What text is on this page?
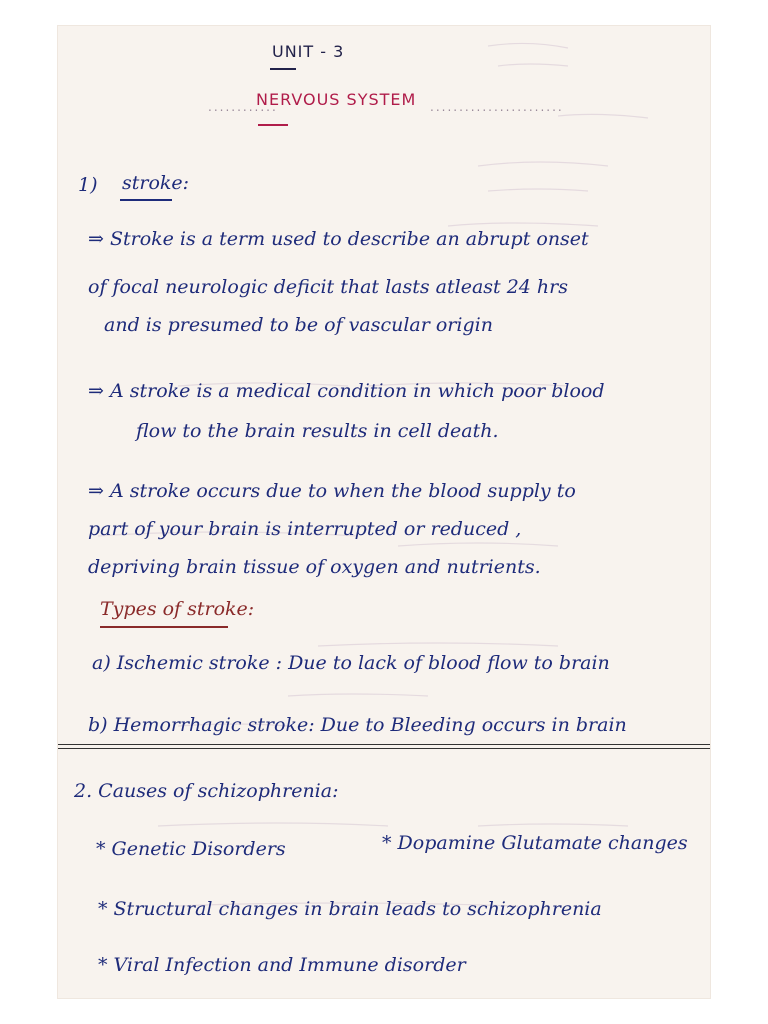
UNIT - 3
............
NERVOUS SYSTEM .......................
1) stroke:
⇒ Stroke is a term used to describe an abrupt onset
of focal neurologic deficit that lasts atleast 24 hrs
and is presumed to be of vascular origin
⇒ A stroke is a medical condition in which poor blood
flow to the brain results in cell death.
⇒ A stroke occurs due to when the blood supply to
part of your brain is interrupted or reduced ,
depriving brain tissue of oxygen and nutrients.
Types of stroke:
a) Ischemic stroke : Due to lack of blood flow to brain
b) Hemorrhagic stroke: Due to Bleeding occurs in brain
2. Causes of schizophrenia:
* Genetic Disorders	* Dopamine Glutamate changes
* Structural changes in brain leads to schizophrenia
* Viral Infection and Immune disorder
